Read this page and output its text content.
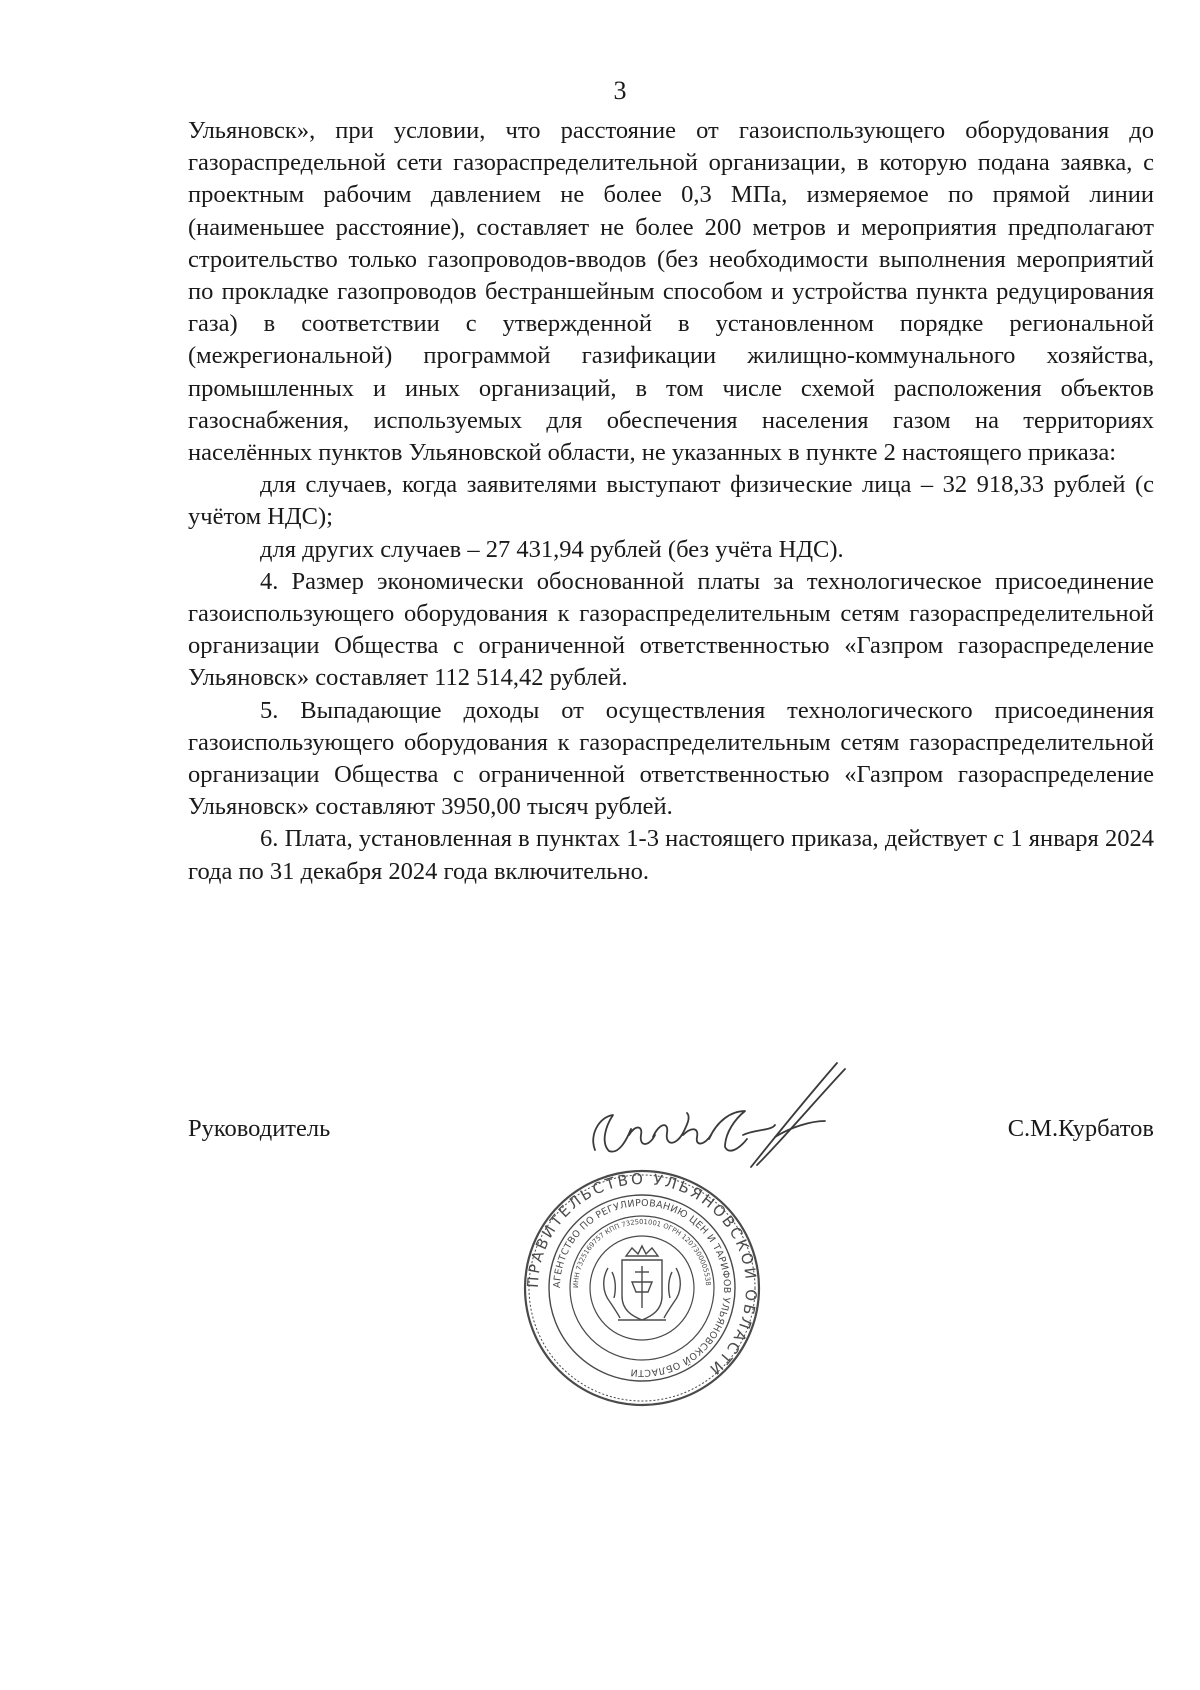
3

Ульяновск», при условии, что расстояние от газоиспользующего оборудования до газораспредельной сети газораспределительной организации, в которую подана заявка, с проектным рабочим давлением не более 0,3 МПа, измеряемое по прямой линии (наименьшее расстояние), составляет не более 200 метров и мероприятия предполагают строительство только газопроводов-вводов (без необходимости выполнения мероприятий по прокладке газопроводов бестраншейным способом и устройства пункта редуцирования газа) в соответствии с утвержденной в установленном порядке региональной (межрегиональной) программой газификации жилищно-коммунального хозяйства, промышленных и иных организаций, в том числе схемой расположения объектов газоснабжения, используемых для обеспечения населения газом на территориях населённых пунктов Ульяновской области, не указанных в пункте 2 настоящего приказа:

для случаев, когда заявителями выступают физические лица – 32 918,33 рублей (с учётом НДС);

для других случаев – 27 431,94 рублей (без учёта НДС).

4. Размер экономически обоснованной платы за технологическое присоединение газоиспользующего оборудования к газораспределительным сетям газораспределительной организации Общества с ограниченной ответственностью «Газпром газораспределение Ульяновск» составляет 112 514,42 рублей.

5. Выпадающие доходы от осуществления технологического присоединения газоиспользующего оборудования к газораспределительным сетям газораспределительной организации Общества с ограниченной ответственностью «Газпром газораспределение Ульяновск» составляют 3950,00 тысяч рублей.

6. Плата, установленная в пунктах 1-3 настоящего приказа, действует с 1 января 2024 года по 31 декабря 2024 года включительно.

Руководитель	С.М.Курбатов
ПРАВИТЕЛЬСТВО УЛЬЯНОВСКОЙ ОБЛАСТИ
АГЕНТСТВО ПО РЕГУЛИРОВАНИЮ ЦЕН И ТАРИФОВ УЛЬЯНОВСКОЙ ОБЛАСТИ
ИНН 7325169757 КПП 732501001 ОГРН 1207300005538
